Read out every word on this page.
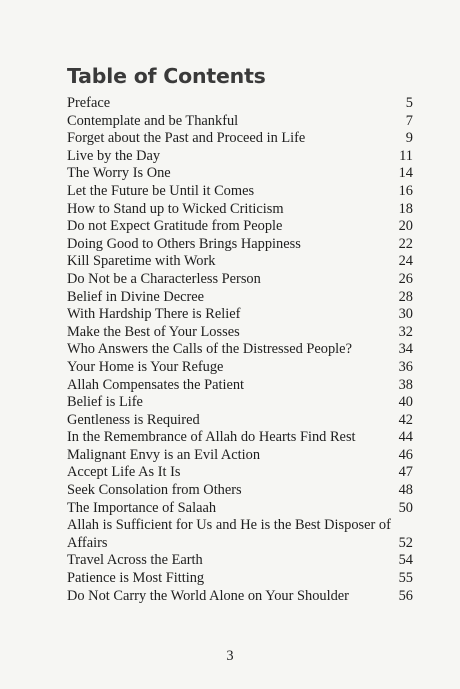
Table of Contents
Preface	5
Contemplate and be Thankful	7
Forget about the Past and Proceed in Life	9
Live by the Day	11
The Worry Is One	14
Let the Future be Until it Comes	16
How to Stand up to Wicked Criticism	18
Do not Expect Gratitude from People	20
Doing Good to Others Brings Happiness	22
Kill Sparetime with Work	24
Do Not be a Characterless Person	26
Belief in Divine Decree	28
With Hardship There is Relief	30
Make the Best of Your Losses	32
Who Answers the Calls of the Distressed People?	34
Your Home is Your Refuge	36
Allah Compensates the Patient	38
Belief is Life	40
Gentleness is Required	42
In the Remembrance of Allah do Hearts Find Rest	44
Malignant Envy is an Evil Action	46
Accept Life As It Is	47
Seek Consolation from Others	48
The Importance of Salaah	50
Allah is Sufficient for Us and He is the Best Disposer of
Affairs	52
Travel Across the Earth	54
Patience is Most Fitting	55
Do Not Carry the World Alone on Your Shoulder	56
3
